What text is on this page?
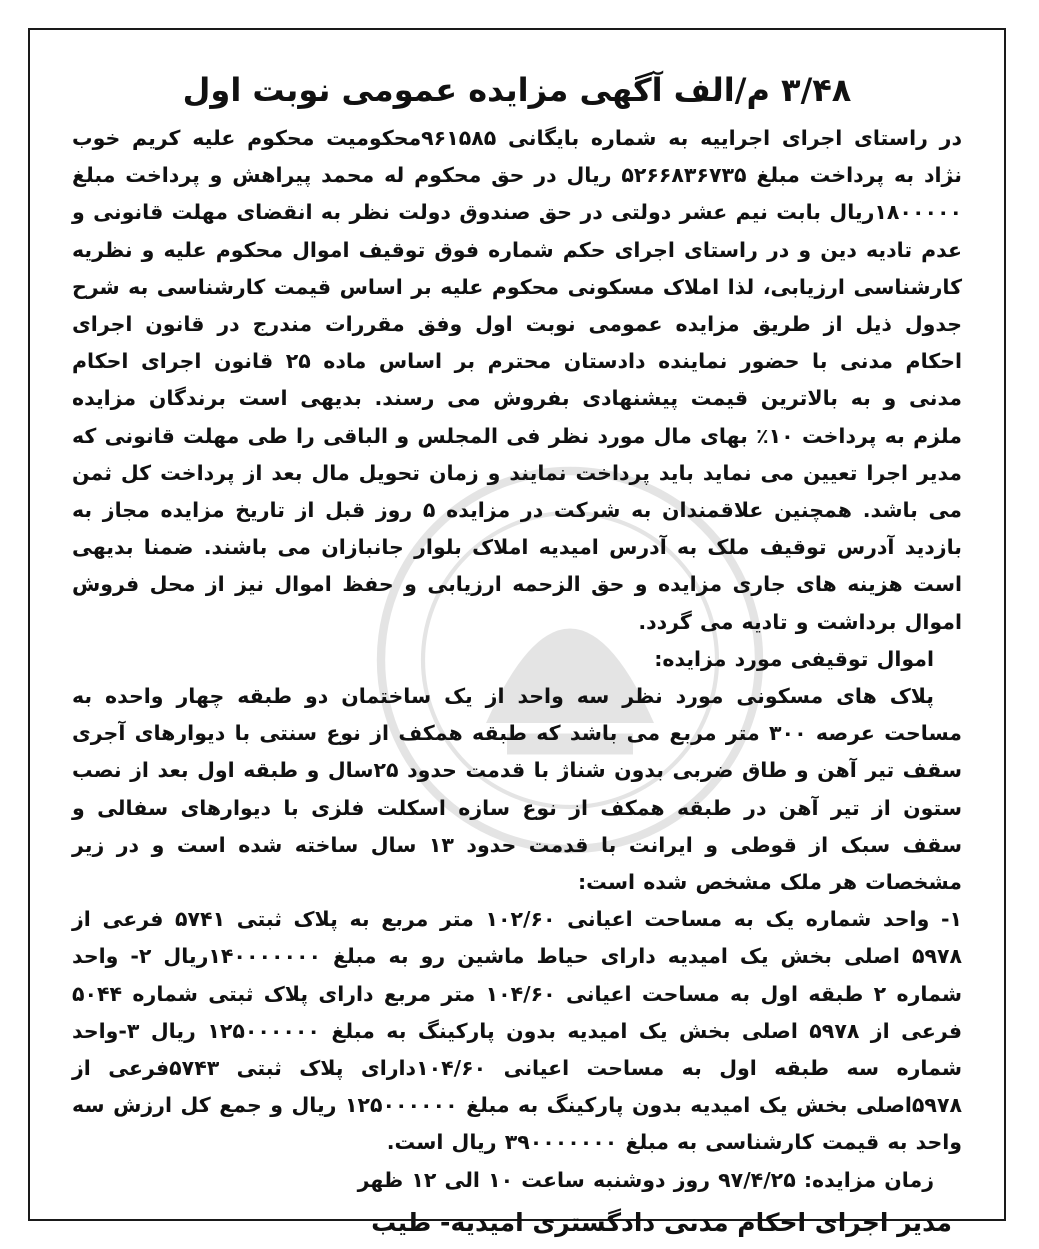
۳/۴۸ م/الف آگهی مزایده عمومی نوبت اول

در راستای اجرای اجراییه به شماره بایگانی ۹۶۱۵۸۵محکومیت محکوم علیه کریم خوب نژاد به پرداخت مبلغ ۵۲۶۶۸۳۶۷۳۵ ریال در حق محکوم له محمد پیراهش و پرداخت مبلغ ۱۸۰۰۰۰۰ریال بابت نیم عشر دولتی در حق صندوق دولت نظر به انقضای مهلت قانونی و عدم تادیه دین و در راستای اجرای حکم شماره فوق توقیف اموال محکوم علیه و نظریه کارشناسی ارزیابی، لذا املاک مسکونی محکوم علیه بر اساس قیمت کارشناسی به شرح جدول ذیل از طریق مزایده عمومی نوبت اول وفق مقررات مندرج در قانون اجرای احکام مدنی با حضور نماینده دادستان محترم بر اساس ماده ۲۵ قانون اجرای احکام مدنی و به بالاترین قیمت پیشنهادی بفروش می رسند. بدیهی است برندگان مزایده ملزم به پرداخت ۱۰٪ بهای مال مورد نظر فی المجلس و الباقی را طی مهلت قانونی که مدیر اجرا تعیین می نماید باید پرداخت نمایند و زمان تحویل مال بعد از پرداخت کل ثمن می باشد. همچنین علاقمندان به شرکت در مزایده ۵ روز قبل از تاریخ مزایده مجاز به بازدید آدرس توقیف ملک به آدرس امیدیه املاک بلوار جانبازان می باشند. ضمنا بدیهی است هزینه های جاری مزایده و حق الزحمه ارزیابی و حفظ اموال نیز از محل فروش اموال برداشت و تادیه می گردد.

اموال توقیفی مورد مزایده:

پلاک های مسکونی مورد نظر سه واحد از یک ساختمان دو طبقه چهار واحده به مساحت عرصه ۳۰۰ متر مربع می باشد که طبقه همکف از نوع سنتی با دیوارهای آجری سقف تیر آهن و طاق ضربی بدون شناژ با قدمت حدود ۲۵سال و طبقه اول بعد از نصب ستون از تیر آهن در طبقه همکف از نوع سازه اسکلت فلزی با دیوارهای سفالی و سقف سبک از قوطی و ایرانت با قدمت حدود ۱۳ سال ساخته شده است و در زیر مشخصات هر ملک مشخص شده است:

۱- واحد شماره یک به مساحت اعیانی ۱۰۲/۶۰ متر مربع به پلاک ثبتی ۵۷۴۱ فرعی از ۵۹۷۸ اصلی بخش یک امیدیه دارای حیاط ماشین رو به مبلغ ۱۴۰۰۰۰۰۰۰ریال ۲- واحد شماره ۲ طبقه اول به مساحت اعیانی ۱۰۴/۶۰ متر مربع دارای پلاک ثبتی شماره ۵۰۴۴ فرعی از ۵۹۷۸ اصلی بخش یک امیدیه بدون پارکینگ به مبلغ ۱۲۵۰۰۰۰۰۰ ریال ۳-واحد شماره سه طبقه اول به مساحت اعیانی ۱۰۴/۶۰دارای پلاک ثبتی ۵۷۴۳فرعی از ۵۹۷۸اصلی بخش یک امیدیه بدون پارکینگ به مبلغ ۱۲۵۰۰۰۰۰۰ ریال و جمع کل ارزش سه واحد به قیمت کارشناسی به مبلغ ۳۹۰۰۰۰۰۰۰ ریال است.

زمان مزایده: ۹۷/۴/۲۵ روز دوشنبه ساعت ۱۰ الی ۱۲ ظهر

مدیر اجرای احکام مدنی دادگستری امیدیه- طیب
